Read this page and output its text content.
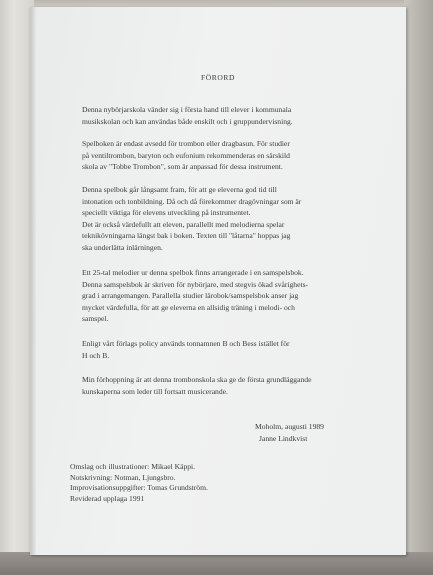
FÖRORD
Denna nybörjarskola vänder sig i första hand till elever i kommunala
musikskolan och kan användas både enskilt och i gruppundervisning.
Spelboken är endast avsedd för trombon eller dragbasun. För studier
på ventiltrombon, baryton och eufonium rekommenderas en särskild
skola av "Tobbe Trombon", som är anpassad för dessa instrument.
Denna spelbok går långsamt fram, för att ge eleverna god tid till
intonation och tonbildning. Då och då förekommer dragövningar som är
speciellt viktiga för elevens utveckling på instrumentet.
Det är också värdefullt att eleven, parallellt med melodierna spelar
teknikövningarna längst bak i boken. Texten till "låtarna" hoppas jag
ska underlätta inlärningen.
Ett 25-tal melodier ur denna spelbok finns arrangerade i en samspelsbok.
Denna samspelsbok är skriven för nybörjare, med stegvis ökad svårighets-
grad i arrangemangen. Parallella studier lärobok/samspelsbok anser jag
mycket värdefulla, för att ge eleverna en allsidig träning i melodi- och
samspel.
Enligt vårt förlags policy används tonnamnen B och Bess istället för
H och B.
Min förhoppning är att denna trombonskola ska ge de första grundläggande
kunskaperna som leder till fortsatt musicerande.
Moholm, augusti 1989
Janne Lindkvist
Omslag och illustrationer: Mikael Käppi.
Notskrivning: Notman, Ljungsbro.
Improvisationsuppgifter: Tomas Grundström.
Reviderad upplaga 1991
